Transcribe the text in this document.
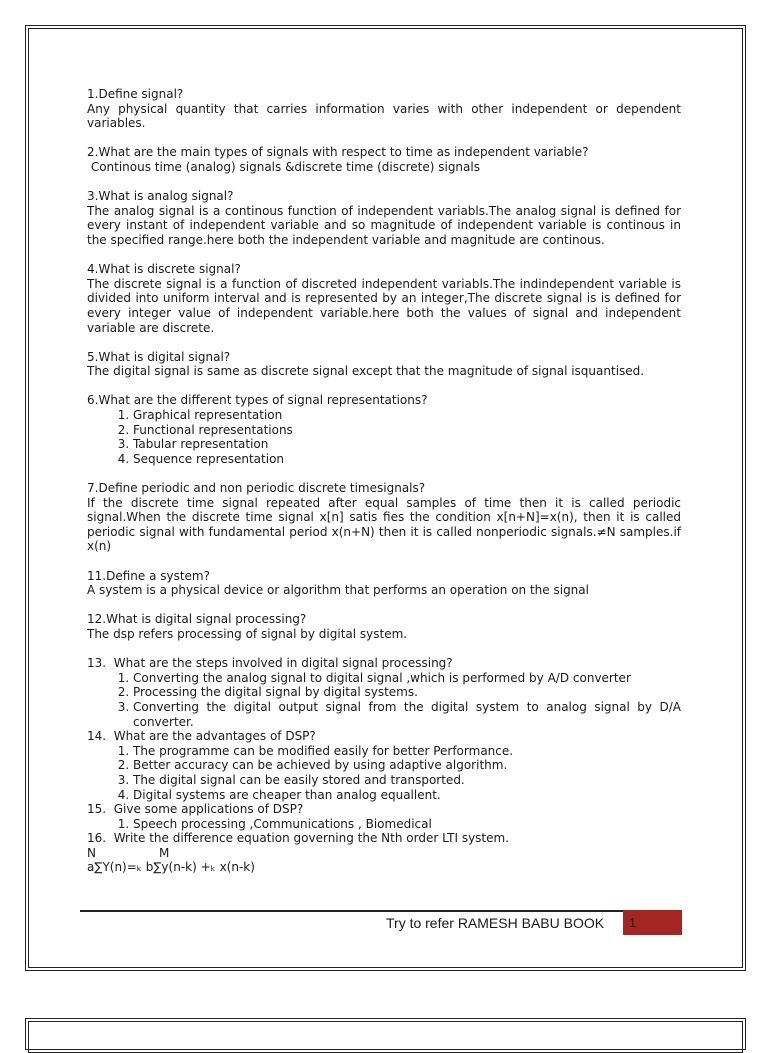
1.Define signal?

Any physical quantity that carries information varies with other independent or dependent variables.

2.What are the main types of signals with respect to time as independent variable?

Continous time (analog) signals &discrete time (discrete) signals

3.What is analog signal?

The analog signal is a continous function of independent variabls.The analog signal is defined for every instant of independent variable and so magnitude of independent variable is continous in the specified range.here both the independent variable and magnitude are continous.

4.What is discrete signal?

The discrete signal is a function of discreted independent variabls.The indindependent variable is divided into uniform interval and is represented by an integer,The discrete signal is is defined for every integer value of independent variable.here both the values of signal and independent variable are discrete.

5.What is digital signal?

The digital signal is same as discrete signal except that the magnitude of signal isquantised.

6.What are the different types of signal representations?

1. Graphical representation
2. Functional representations
3. Tabular representation
4. Sequence representation

7.Define periodic and non periodic discrete timesignals?

If the discrete time signal repeated after equal samples of time then it is called periodic signal.When the discrete time signal x[n] satis fies the condition x[n+N]=x(n), then it is called periodic signal with fundamental period x(n+N) then it is called nonperiodic signals.≠N samples.if x(n)

11.Define a system?

A system is a physical device or algorithm that performs an operation on the signal

12.What is digital signal processing?

The dsp refers processing of signal by digital system.

13.  What are the steps involved in digital signal processing?

1. Converting the analog signal to digital signal ,which is performed by A/D converter
2. Processing the digital signal by digital systems.
3. Converting the digital output signal from the digital system to analog signal by D/A converter.

14.  What are the advantages of DSP?

1. The programme can be modified easily for better Performance.
2. Better accuracy can be achieved by using adaptive algorithm.
3. The digital signal can be easily stored and transported.
4. Digital systems are cheaper than analog equallent.

15.  Give some applications of DSP?

1. Speech processing ,Communications , Biomedical

16.  Write the difference equation governing the Nth order LTI system.

N	M

a∑Y(n)=ₖ b∑y(n-k) +ₖ x(n-k)

Try to refer RAMESH BABU BOOK	1
